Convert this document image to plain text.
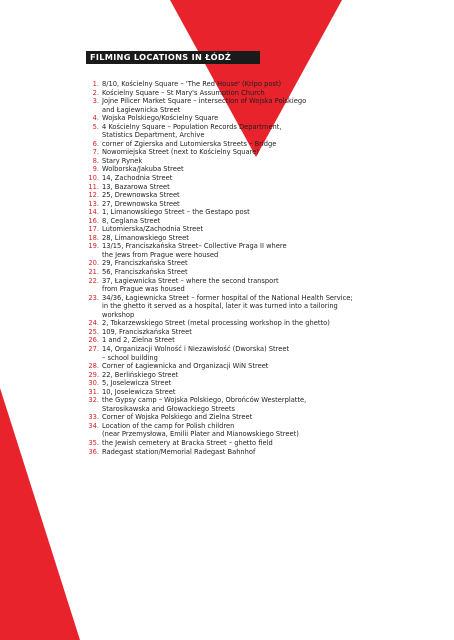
FILMING LOCATIONS IN ŁÓDŹ
1. 8/10, Kościelny Square – 'The Red House' (Kripo post)
2. Kościelny Square – St Mary's Assumption Church
3. Jojne Pilicer Market Square – intersection of Wojska Polskiego
and Łagiewnicka Street
4. Wojska Polskiego/Kościelny Square
5. 4 Kościelny Square – Population Records Department,
Statistics Department, Archive
6. corner of Zgierska and Lutomierska Streets – Bridge
7. Nowomiejska Street (next to Kościelny Square)
8. Stary Rynek
9. Wolborska/Jakuba Street
10. 14, Zachodnia Street
11. 13, Bazarowa Street
12. 25, Drewnowska Street
13. 27, Drewnowska Street
14. 1, Limanowskiego Street – the Gestapo post
16. 8, Ceglana Street
17. Lutomierska/Zachodnia Street
18. 28, Limanowskiego Street
19. 13/15, Franciszkańska Street– Collective Praga II where
the Jews from Prague were housed
20. 29, Franciszkańska Street
21. 56, Franciszkańska Street
22. 37, Łagiewnicka Street – where the second transport
from Prague was housed
23. 34/36, Łagiewnicka Street – former hospital of the National Health Service;
in the ghetto it served as a hospital, later it was turned into a tailoring
workshop
24. 2, Tokarzewskiego Street (metal processing workshop in the ghetto)
25. 109, Franciszkańska Street
26. 1 and 2, Zielna Street
27. 14, Organizacji Wolność i Niezawisłość (Dworska) Street
– school building
28. Corner of Łagiewnicka and Organizacji WiN Street
29. 22, Berlińskiego Street
30. 5, Joselewicza Street
31. 10, Joselewicza Street
32. the Gypsy camp – Wojska Polskiego, Obrońców Westerplatte,
Starosikawska and Głowackiego Streets
33. Corner of Wojska Polskiego and Zielna Street
34. Location of the camp for Polish children
(near Przemysłowa, Emilii Plater and Mianowskiego Street)
35. the Jewish cemetery at Bracka Street – ghetto field
36. Radegast station/Memorial Radegast Bahnhof
